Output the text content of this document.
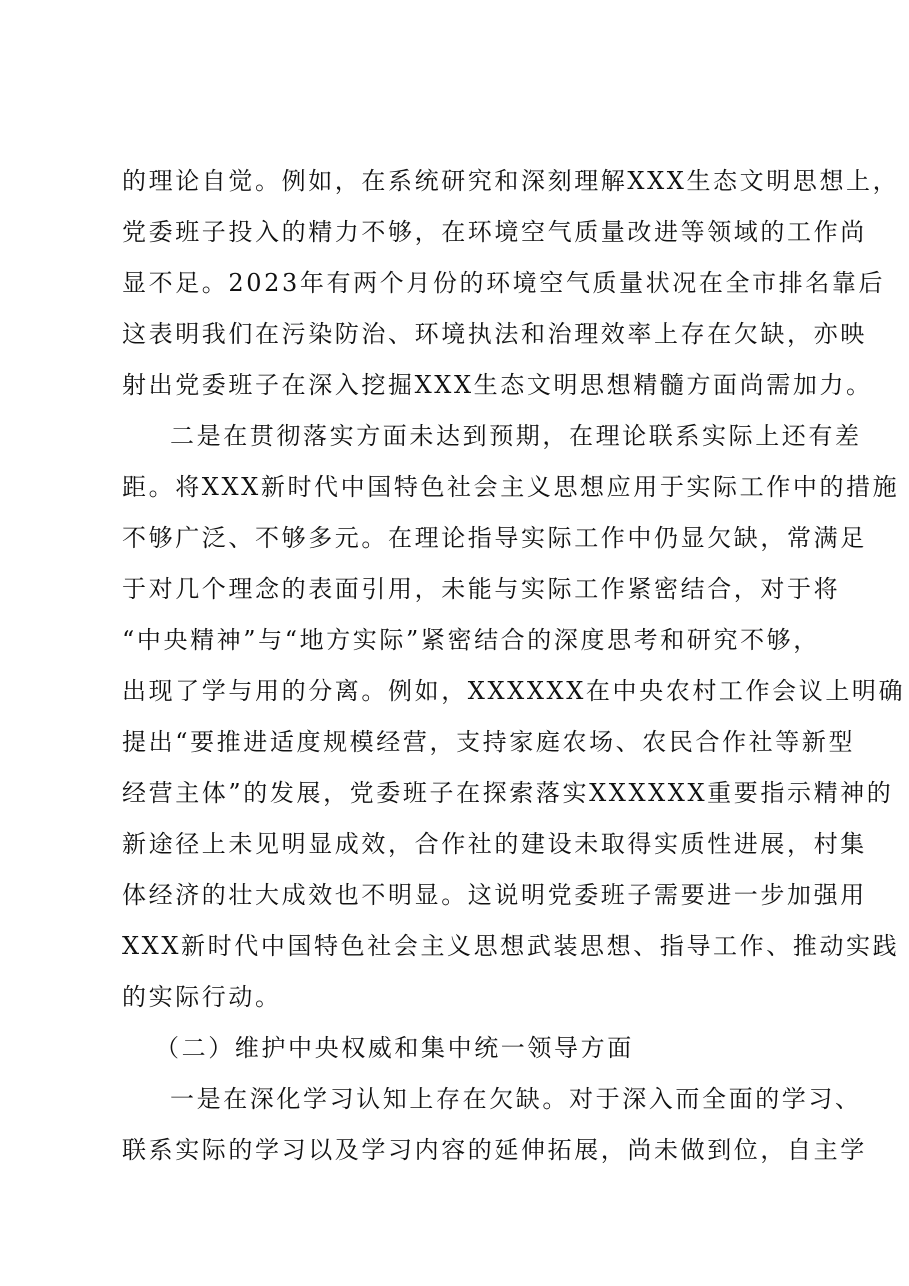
的理论自觉。例如，在系统研究和深刻理解XXX生态文明思想上，
党委班子投入的精力不够，在环境空气质量改进等领域的工作尚
显不足。2023年有两个月份的环境空气质量状况在全市排名靠后
这表明我们在污染防治、环境执法和治理效率上存在欠缺，亦映
射出党委班子在深入挖掘XXX生态文明思想精髓方面尚需加力。
二是在贯彻落实方面未达到预期，在理论联系实际上还有差
距。将XXX新时代中国特色社会主义思想应用于实际工作中的措施
不够广泛、不够多元。在理论指导实际工作中仍显欠缺，常满足
于对几个理念的表面引用，未能与实际工作紧密结合，对于将
“中央精神”与“地方实际”紧密结合的深度思考和研究不够，
出现了学与用的分离。例如，XXXXXX在中央农村工作会议上明确
提出“要推进适度规模经营，支持家庭农场、农民合作社等新型
经营主体”的发展，党委班子在探索落实XXXXXX重要指示精神的
新途径上未见明显成效，合作社的建设未取得实质性进展，村集
体经济的壮大成效也不明显。这说明党委班子需要进一步加强用
XXX新时代中国特色社会主义思想武装思想、指导工作、推动实践
的实际行动。
（二）维护中央权威和集中统一领导方面
一是在深化学习认知上存在欠缺。对于深入而全面的学习、
联系实际的学习以及学习内容的延伸拓展，尚未做到位，自主学
